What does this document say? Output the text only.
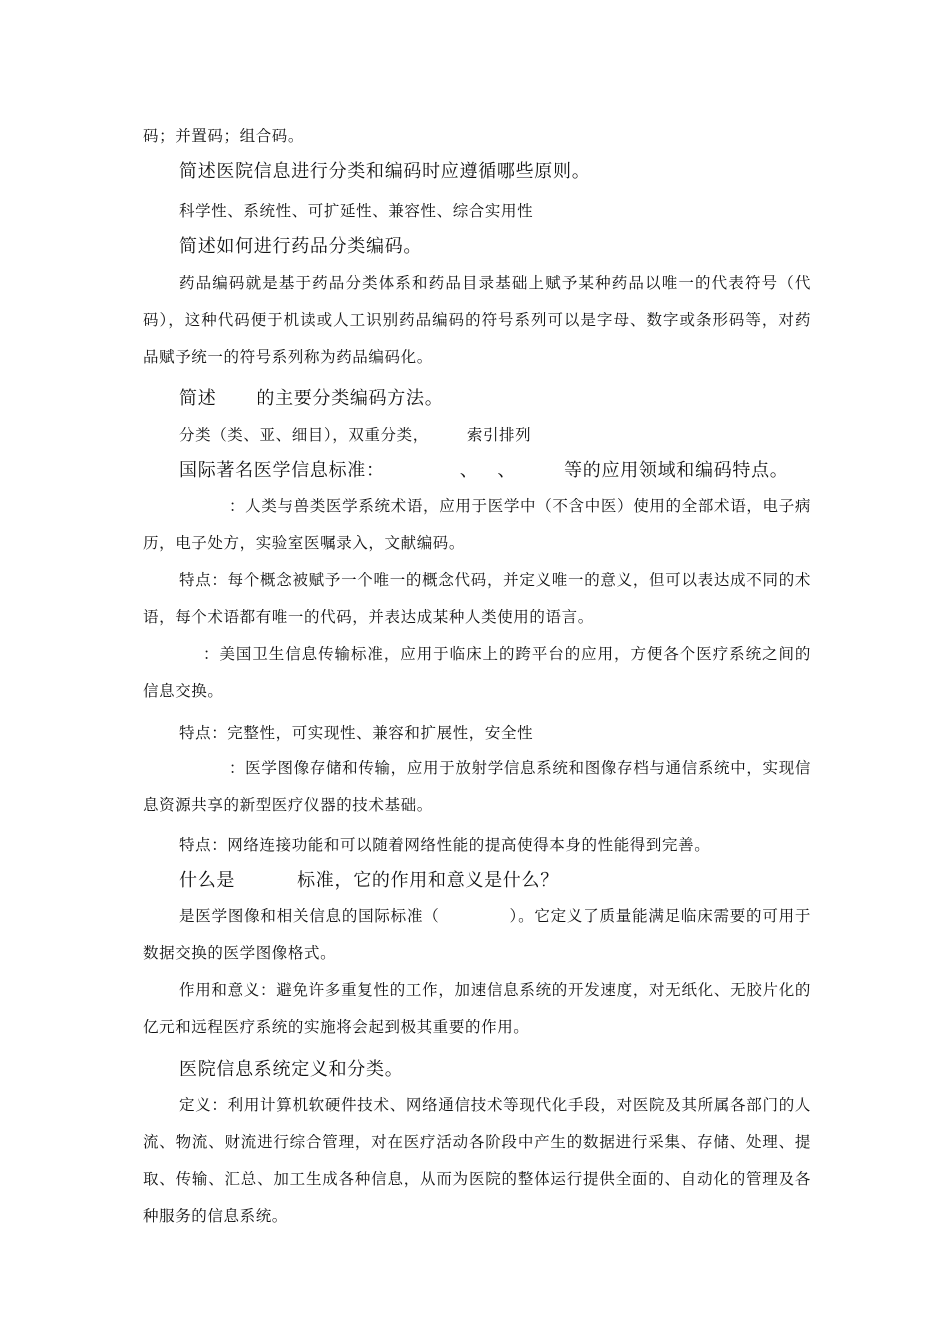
码；并置码；组合码。

简述医院信息进行分类和编码时应遵循哪些原则。

科学性、系统性、可扩延性、兼容性、综合实用性

简述如何进行药品分类编码。

药品编码就是基于药品分类体系和药品目录基础上赋予某种药品以唯一的代表符号（代码），这种代码便于机读或人工识别药品编码的符号系列可以是字母、数字或条形码等，对药品赋予统一的符号系列称为药品编码化。

简述 的主要分类编码方法。

分类（类、亚、细目），双重分类， 索引排列

国际著名医学信息标准：	、 、	等的应用领域和编码特点。

：人类与兽类医学系统术语，应用于医学中（不含中医）使用的全部术语，电子病历，电子处方，实验室医嘱录入，文献编码。

特点：每个概念被赋予一个唯一的概念代码，并定义唯一的意义，但可以表达成不同的术语，每个术语都有唯一的代码，并表达成某种人类使用的语言。

：美国卫生信息传输标准，应用于临床上的跨平台的应用，方便各个医疗系统之间的信息交换。

特点：完整性，可实现性、兼容和扩展性，安全性

：医学图像存储和传输，应用于放射学信息系统和图像存档与通信系统中，实现信息资源共享的新型医疗仪器的技术基础。

特点：网络连接功能和可以随着网络性能的提高使得本身的性能得到完善。

什么是	标准，它的作用和意义是什么？

是医学图像和相关信息的国际标准（	）。它定义了质量能满足临床需要的可用于数据交换的医学图像格式。

作用和意义：避免许多重复性的工作，加速信息系统的开发速度，对无纸化、无胶片化的亿元和远程医疗系统的实施将会起到极其重要的作用。

医院信息系统定义和分类。

定义：利用计算机软硬件技术、网络通信技术等现代化手段，对医院及其所属各部门的人流、物流、财流进行综合管理，对在医疗活动各阶段中产生的数据进行采集、存储、处理、提取、传输、汇总、加工生成各种信息，从而为医院的整体运行提供全面的、自动化的管理及各种服务的信息系统。
